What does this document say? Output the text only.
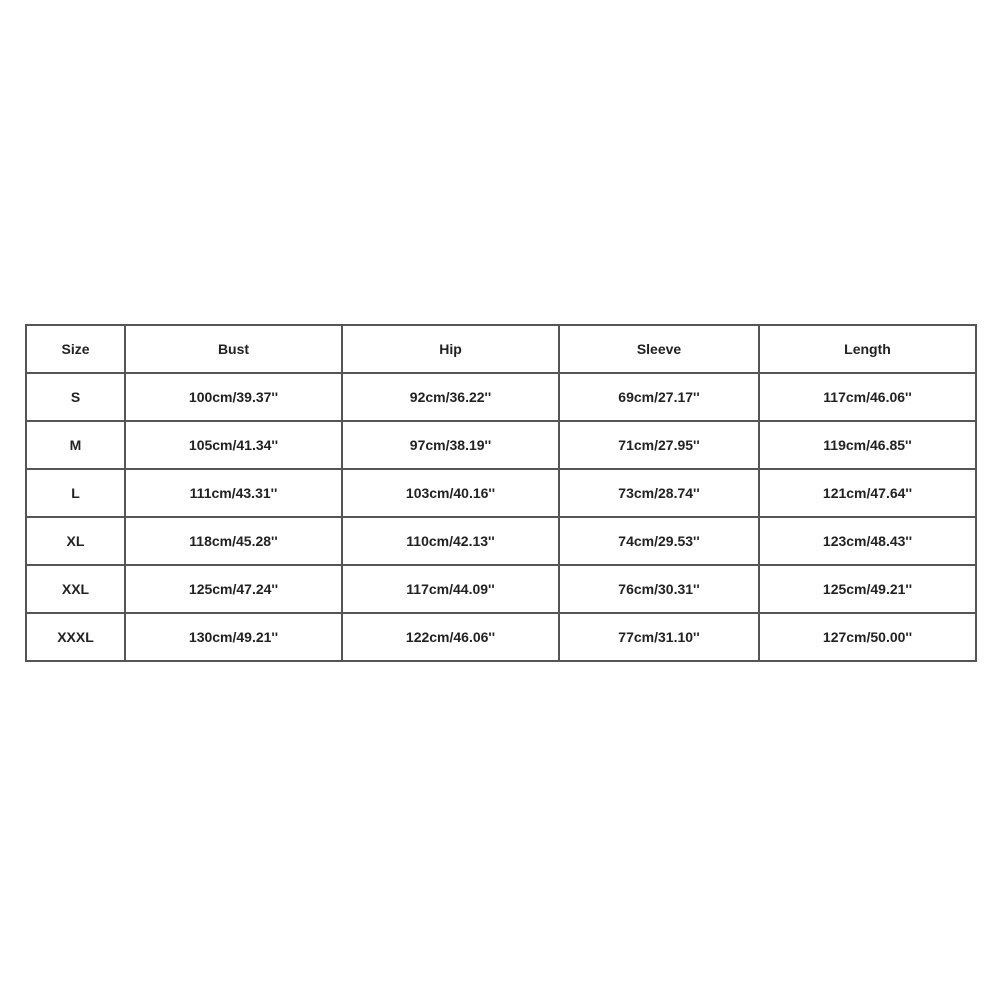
Size	Bust	Hip	Sleeve	Length
S	100cm/39.37''	92cm/36.22''	69cm/27.17''	117cm/46.06''
M	105cm/41.34''	97cm/38.19''	71cm/27.95''	119cm/46.85''
L	111cm/43.31''	103cm/40.16''	73cm/28.74''	121cm/47.64''
XL	118cm/45.28''	110cm/42.13''	74cm/29.53''	123cm/48.43''
XXL	125cm/47.24''	117cm/44.09''	76cm/30.31''	125cm/49.21''
XXXL	130cm/49.21''	122cm/46.06''	77cm/31.10''	127cm/50.00''
